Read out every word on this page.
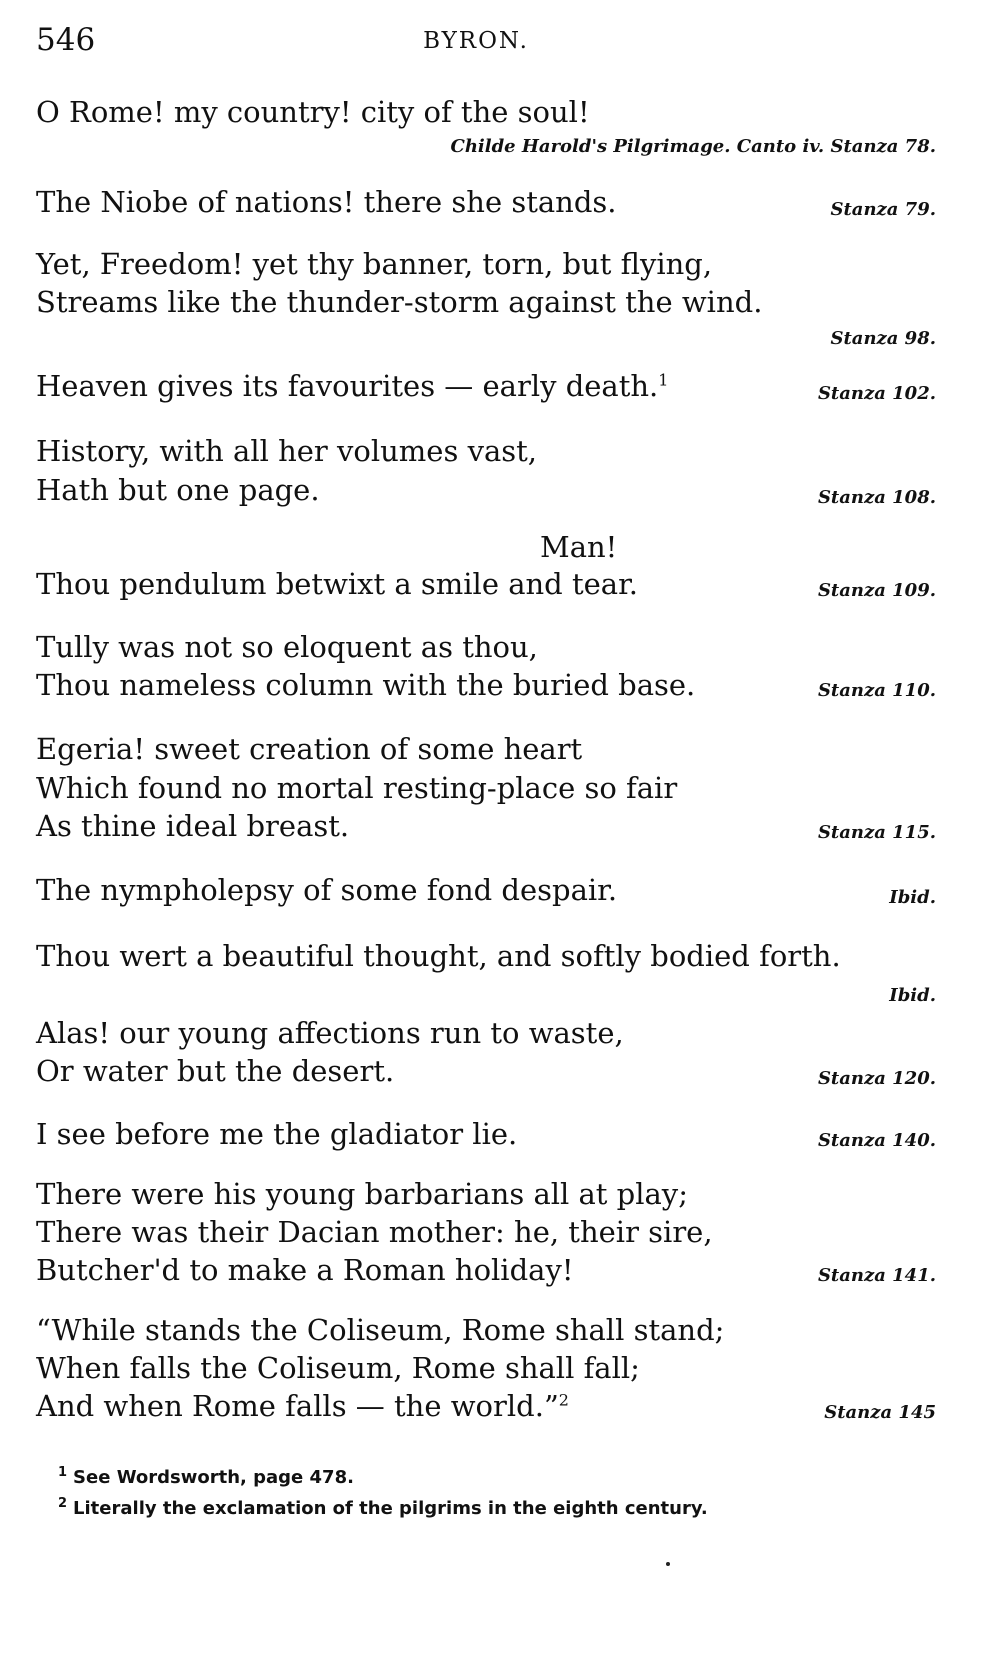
546	BYRON.
O Rome! my country! city of the soul!
Childe Harold's Pilgrimage. Canto iv. Stanza 78.
The Niobe of nations! there she stands.	Stanza 79.
Yet, Freedom! yet thy banner, torn, but flying,
Streams like the thunder-storm against the wind.
Stanza 98.
Heaven gives its favourites — early death.$^1$
Stanza 102.
History, with all her volumes vast,
Hath but one page.	Stanza 108.
Man!
Thou pendulum betwixt a smile and tear.	Stanza 109.
Tully was not so eloquent as thou,
Thou nameless column with the buried base.	Stanza 110.
Egeria! sweet creation of some heart
Which found no mortal resting-place so fair
As thine ideal breast.	Stanza 115.
The nympholepsy of some fond despair.	Ibid.
Thou wert a beautiful thought, and softly bodied forth.
Ibid.
Alas! our young affections run to waste,
Or water but the desert.	Stanza 120.
I see before me the gladiator lie.	Stanza 140.
There were his young barbarians all at play;
There was their Dacian mother: he, their sire,
Butcher'd to make a Roman holiday!	Stanza 141.
“While stands the Coliseum, Rome shall stand;
When falls the Coliseum, Rome shall fall;
And when Rome falls — the world.”$^2$
Stanza 145
$^1$ See Wordsworth, page 478.
$^2$ Literally the exclamation of the pilgrims in the eighth century.
